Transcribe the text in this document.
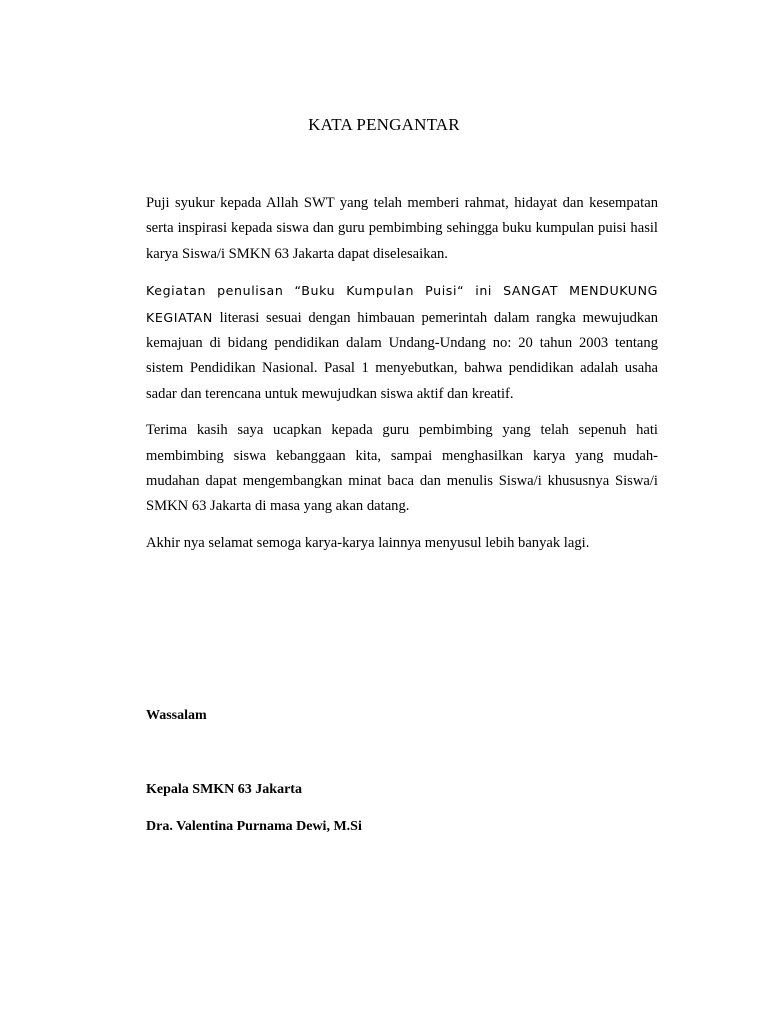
KATA PENGANTAR

Puji syukur kepada Allah SWT yang telah memberi rahmat, hidayat dan kesempatan serta inspirasi kepada siswa dan guru pembimbing sehingga buku kumpulan puisi hasil karya Siswa/i SMKN 63 Jakarta dapat diselesaikan.

Kegiatan penulisan “Buku Kumpulan Puisi“ ini SANGAT MENDUKUNG KEGIATAN literasi sesuai dengan himbauan pemerintah dalam rangka mewujudkan kemajuan di bidang pendidikan dalam Undang-Undang no: 20 tahun 2003 tentang sistem Pendidikan Nasional. Pasal 1 menyebutkan, bahwa pendidikan adalah usaha sadar dan terencana untuk mewujudkan siswa aktif dan kreatif.

Terima kasih saya ucapkan kepada guru pembimbing yang telah sepenuh hati membimbing siswa kebanggaan kita, sampai menghasilkan karya yang mudah-mudahan dapat mengembangkan minat baca dan menulis Siswa/i khususnya Siswa/i SMKN 63 Jakarta di masa yang akan datang.

Akhir nya selamat semoga karya-karya lainnya menyusul lebih banyak lagi.

Wassalam

Kepala SMKN 63 Jakarta

Dra. Valentina Purnama Dewi, M.Si
